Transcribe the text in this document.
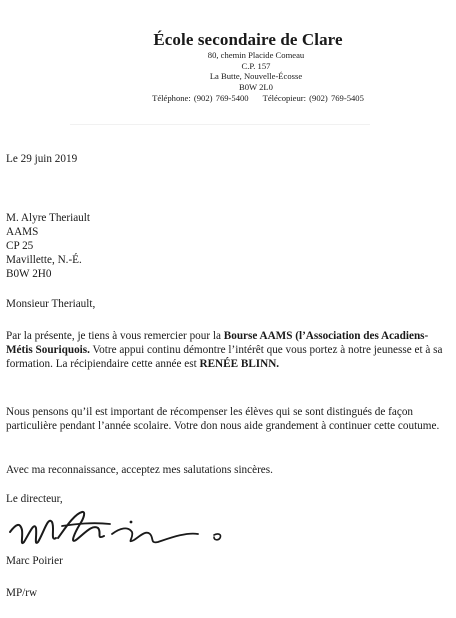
École secondaire de Clare

80, chemin Placide Comeau

C.P. 157

La Butte, Nouvelle-Écosse

B0W 2L0

Téléphone: (902) 769-5400 Télécopieur: (902) 769-5405

Le 29 juin 2019
M. Alyre Theriault
AAMS
CP 25
Mavillette, N.-É.
B0W 2H0
Monsieur Theriault,
Par la présente, je tiens à vous remercier pour la Bourse AAMS (l’Association des Acadiens-Métis Souriquois. Votre appui continu démontre l’intérêt que vous portez à notre jeunesse et à sa formation. La récipiendaire cette année est RENÉE BLINN.
Nous pensons qu’il est important de récompenser les élèves qui se sont distingués de façon particulière pendant l’année scolaire. Votre don nous aide grandement à continuer cette coutume.
Avec ma reconnaissance, acceptez mes salutations sincères.
Le directeur,
Marc Poirier
MP/rw
